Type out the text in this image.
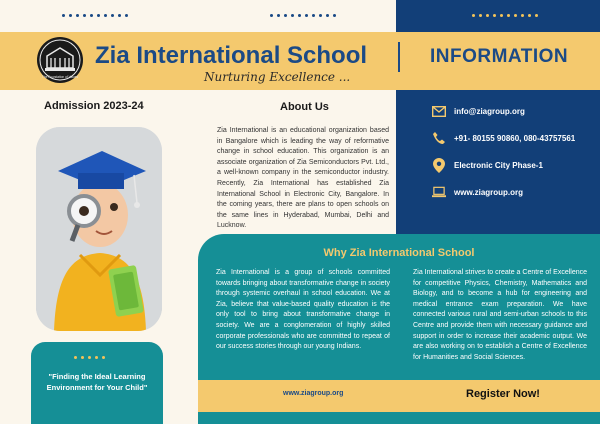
The Foundation of Values
Zia International School
Nurturing Excellence ...
INFORMATION
Admission 2023-24	About Us
Zia International is an educational organization based in Bangalore which is leading the way of reformative change in school education. This organization is an associate organization of Zia Semiconductors Pvt. Ltd., a well-known company in the semiconductor industry. Recently, Zia International has established Zia International School in Electronic City, Bangalore. In the coming years, there are plans to open schools on the same lines in Hyderabad, Mumbai, Delhi and Lucknow.
info@ziagroup.org
+91- 80155 90860, 080-43757561
Electronic City Phase-1
www.ziagroup.org
Why Zia International School
Zia International is a group of schools committed towards bringing about transformative change in society through systemic overhaul in school education. We at Zia, believe that value-based quality education is the only tool to bring about transformative change in society. We are a conglomeration of highly skilled corporate professionals who are committed to repeat of our success stories through our young Indians.
Zia International strives to create a Centre of Excellence for competitive Physics, Chemistry, Mathematics and Biology, and to become a hub for engineering and medical entrance exam preparation. We have connected various rural and semi-urban schools to this Centre and provide them with necessary guidance and support in order to increase their academic output. We are also working on to establish a Centre of Excellence for Humanities and Social Sciences.
"Finding the Ideal Learning Environment for Your Child"
www.ziagroup.org	Register Now!
